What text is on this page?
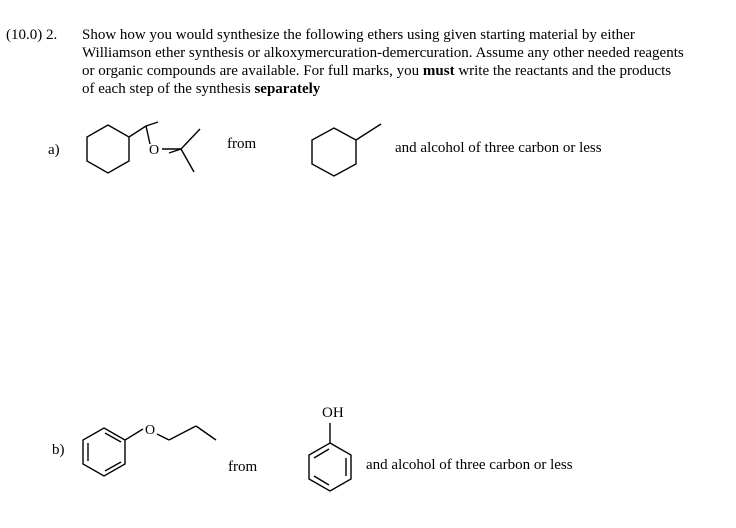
(10.0) 2. Show how you would synthesize the following ethers using given starting material by either
Williamson ether synthesis or alkoxymercuration-demercuration. Assume any other needed reagents
or organic compounds are available. For full marks, you must write the reactants and the products
of each step of the synthesis separately
a)	from	and alcohol of three carbon or less
b)
from	and alcohol of three carbon or less
OH
O
O
